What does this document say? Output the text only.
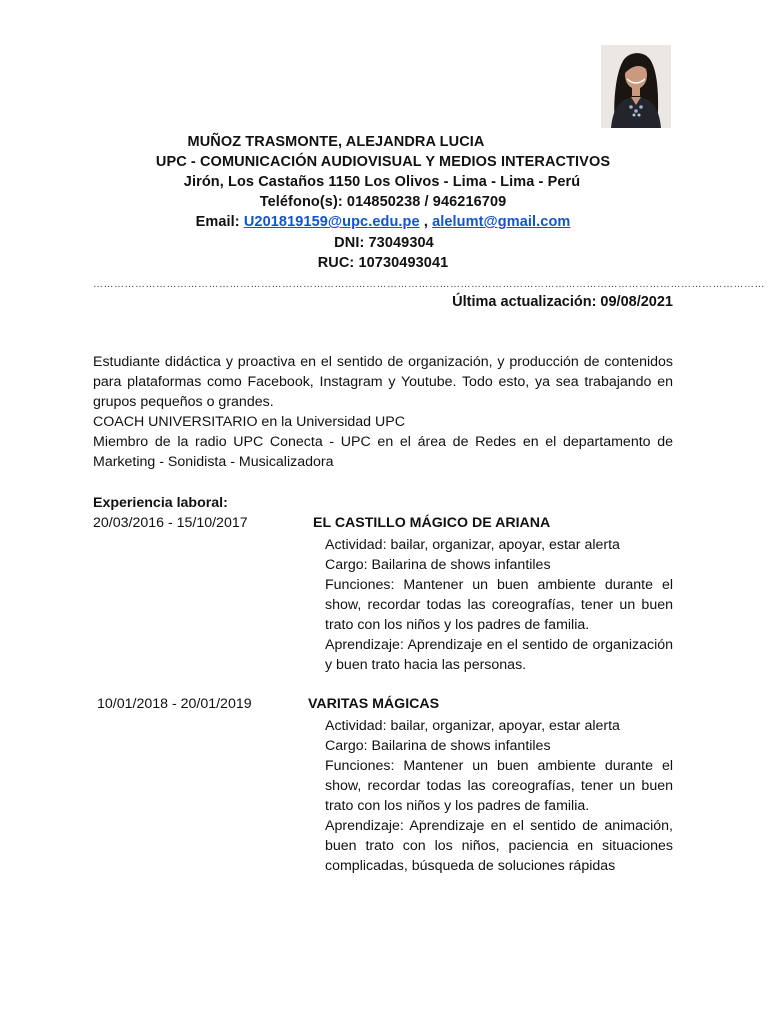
MUÑOZ TRASMONTE, ALEJANDRA LUCIA
UPC - COMUNICACIÓN AUDIOVISUAL Y MEDIOS INTERACTIVOS
Jirón, Los Castaños 1150 Los Olivos - Lima - Lima - Perú
Teléfono(s): 014850238 / 946216709
Email: U201819159@upc.edu.pe , alelumt@gmail.com
DNI: 73049304
RUC: 10730493041
…………………………………………………………………………………………………………………………………………………………………………
Última actualización: 09/08/2021

Estudiante didáctica y proactiva en el sentido de organización, y producción de contenidos para plataformas como Facebook, Instagram y Youtube. Todo esto, ya sea trabajando en grupos pequeños o grandes.

COACH UNIVERSITARIO en la Universidad UPC

Miembro de la radio UPC Conecta - UPC en el área de Redes en el departamento de Marketing - Sonidista - Musicalizadora

Experiencia laboral:
20/03/2016 - 15/10/2017	EL CASTILLO MÁGICO DE ARIANA

Actividad: bailar, organizar, apoyar, estar alerta

Cargo: Bailarina de shows infantiles

Funciones: Mantener un buen ambiente durante el show, recordar todas las coreografías, tener un buen trato con los niños y los padres de familia.

Aprendizaje: Aprendizaje en el sentido de organización y buen trato hacia las personas.

10/01/2018 - 20/01/2019	VARITAS MÁGICAS

Actividad: bailar, organizar, apoyar, estar alerta

Cargo: Bailarina de shows infantiles

Funciones: Mantener un buen ambiente durante el show, recordar todas las coreografías, tener un buen trato con los niños y los padres de familia.

Aprendizaje: Aprendizaje en el sentido de animación, buen trato con los niños, paciencia en situaciones complicadas, búsqueda de soluciones rápidas
